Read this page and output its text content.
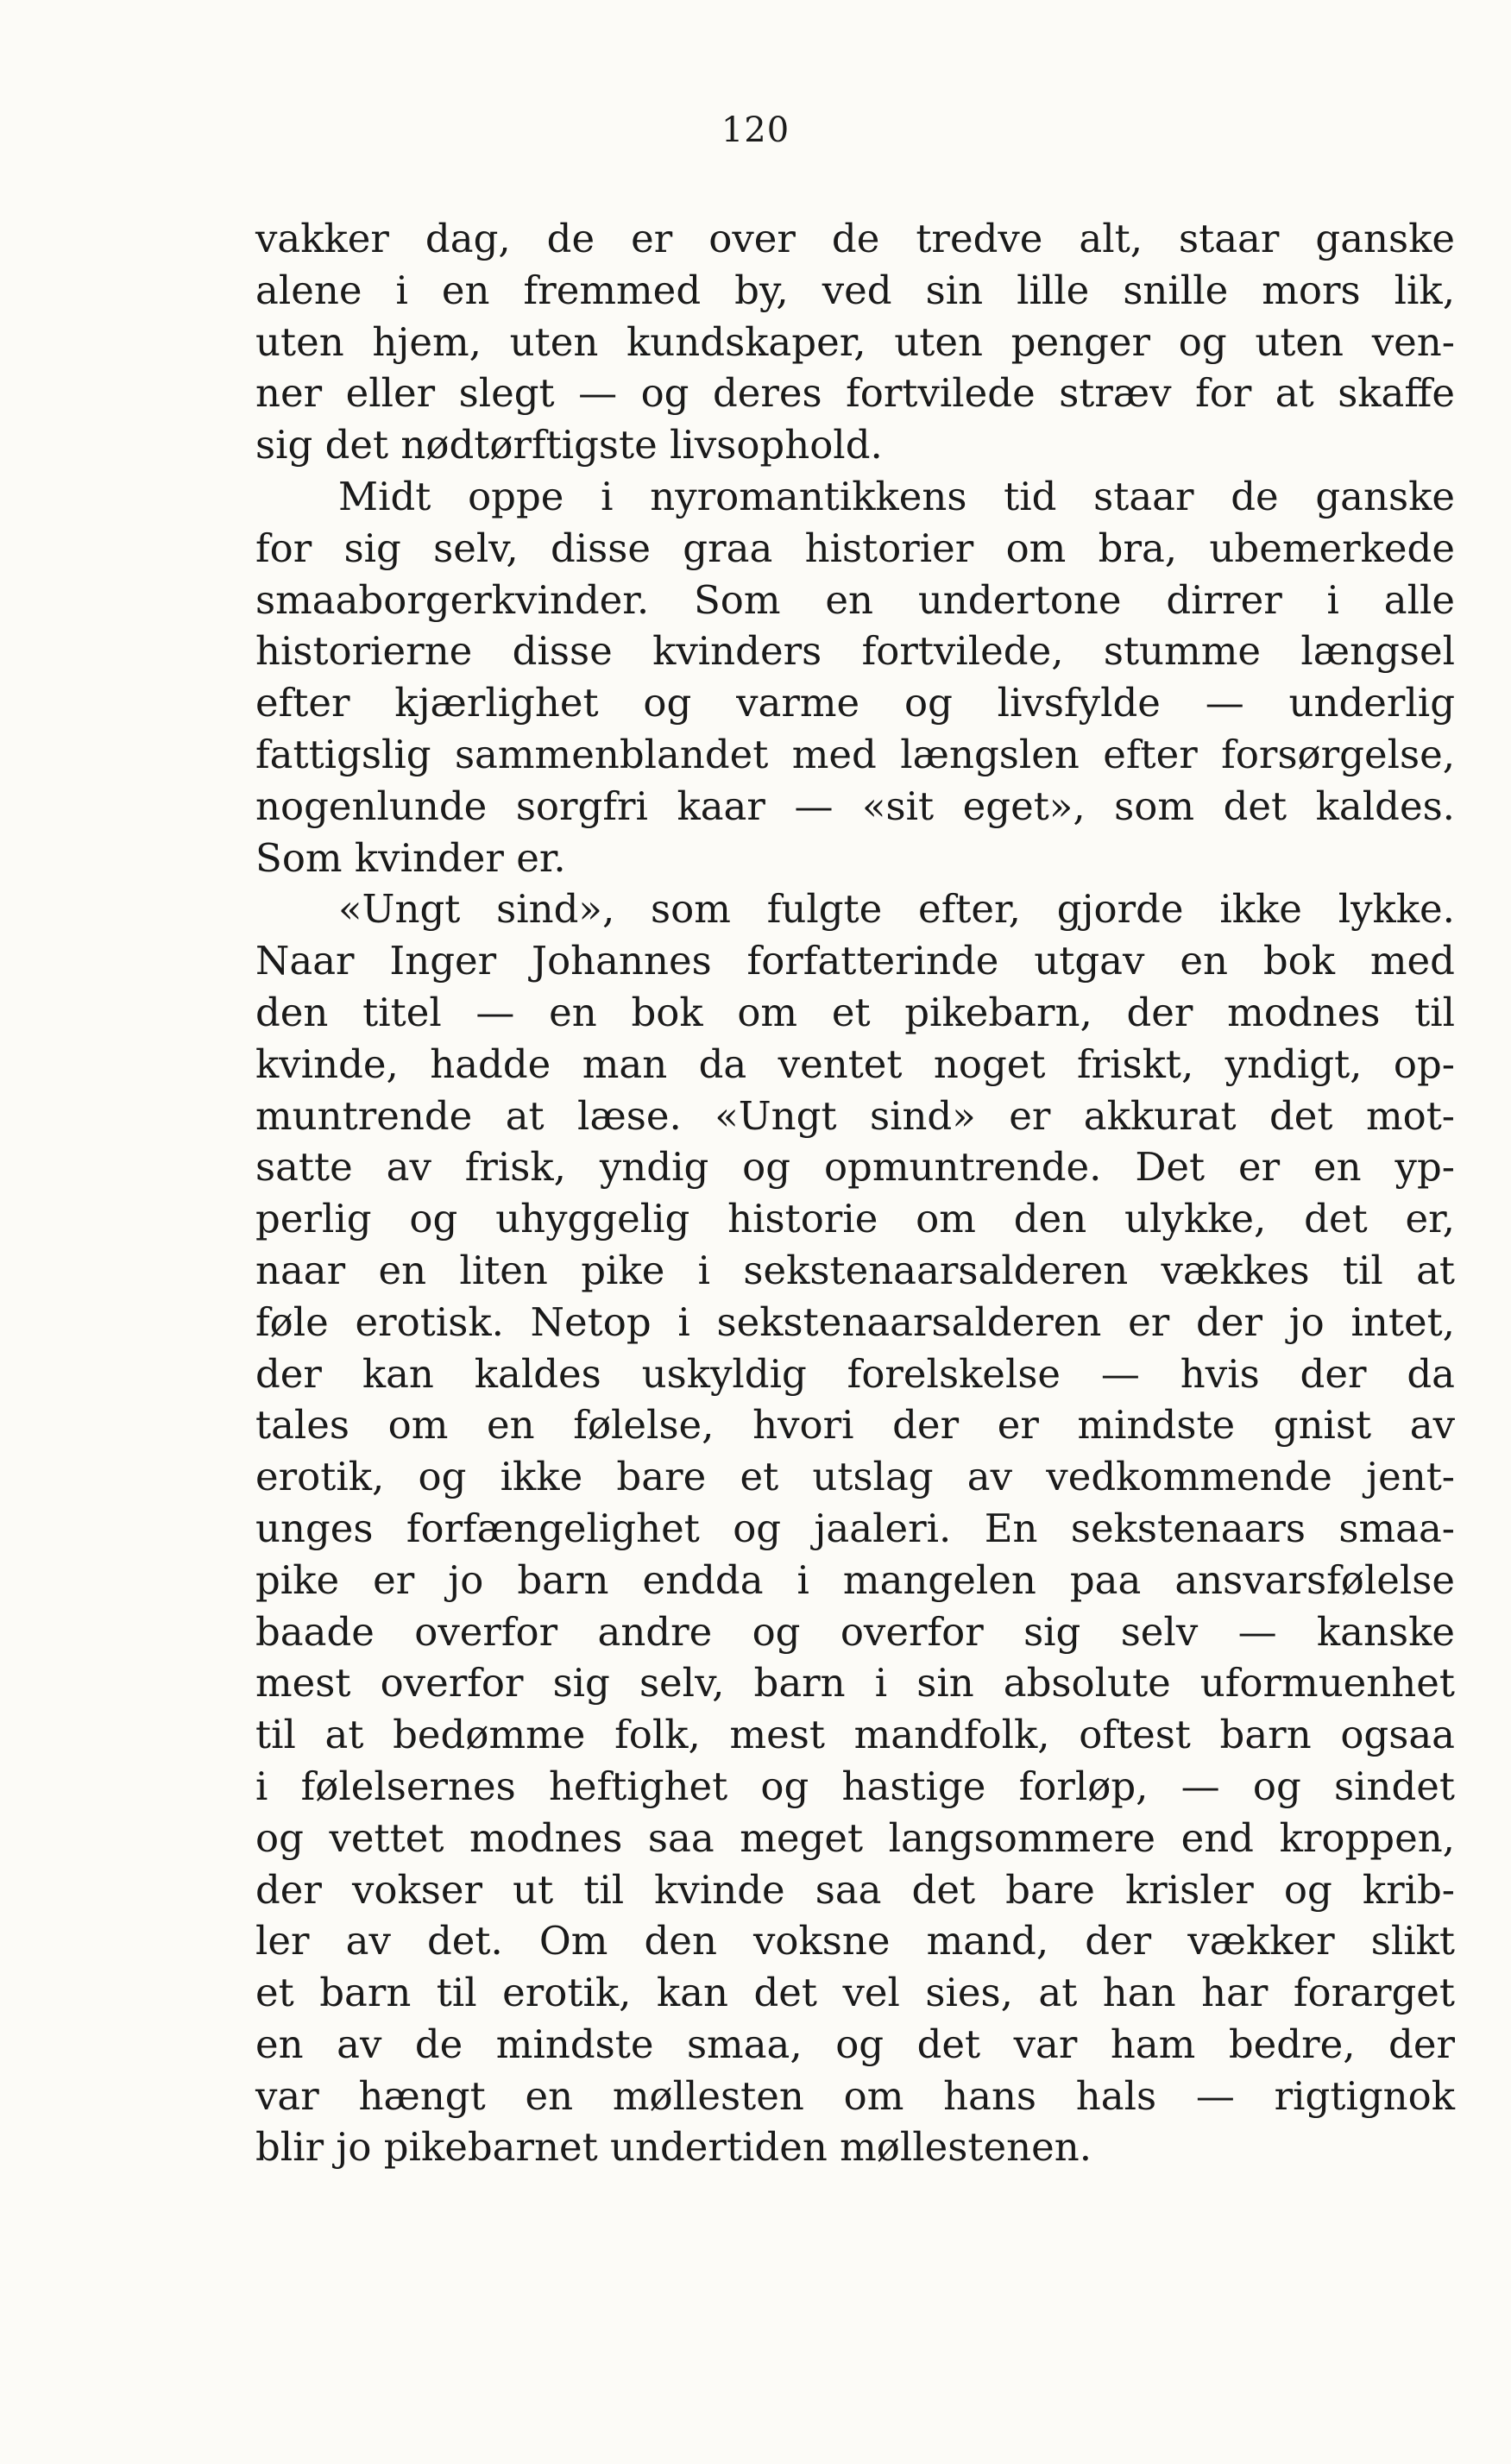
120
vakker dag, de er over de tredve alt, staar ganske
alene i en fremmed by, ved sin lille snille mors lik,
uten hjem, uten kundskaper, uten penger og uten ven-
ner eller slegt — og deres fortvilede stræv for at skaffe
sig det nødtørftigste livsophold.
Midt oppe i nyromantikkens tid staar de ganske
for sig selv, disse graa historier om bra, ubemerkede
smaaborgerkvinder. Som en undertone dirrer i alle
historierne disse kvinders fortvilede, stumme længsel
efter kjærlighet og varme og livsfylde — underlig
fattigslig sammenblandet med længslen efter forsørgelse,
nogenlunde sorgfri kaar — «sit eget», som det kaldes.
Som kvinder er.
«Ungt sind», som fulgte efter, gjorde ikke lykke.
Naar Inger Johannes forfatterinde utgav en bok med
den titel — en bok om et pikebarn, der modnes til
kvinde, hadde man da ventet noget friskt, yndigt, op-
muntrende at læse. «Ungt sind» er akkurat det mot-
satte av frisk, yndig og opmuntrende. Det er en yp-
perlig og uhyggelig historie om den ulykke, det er,
naar en liten pike i sekstenaarsalderen vækkes til at
føle erotisk. Netop i sekstenaarsalderen er der jo intet,
der kan kaldes uskyldig forelskelse — hvis der da
tales om en følelse, hvori der er mindste gnist av
erotik, og ikke bare et utslag av vedkommende jent-
unges forfængelighet og jaaleri. En sekstenaars smaa-
pike er jo barn endda i mangelen paa ansvarsfølelse
baade overfor andre og overfor sig selv — kanske
mest overfor sig selv, barn i sin absolute uformuenhet
til at bedømme folk, mest mandfolk, oftest barn ogsaa
i følelsernes heftighet og hastige forløp, — og sindet
og vettet modnes saa meget langsommere end kroppen,
der vokser ut til kvinde saa det bare krisler og krib-
ler av det. Om den voksne mand, der vækker slikt
et barn til erotik, kan det vel sies, at han har forarget
en av de mindste smaa, og det var ham bedre, der
var hængt en møllesten om hans hals — rigtignok
blir jo pikebarnet undertiden møllestenen.
